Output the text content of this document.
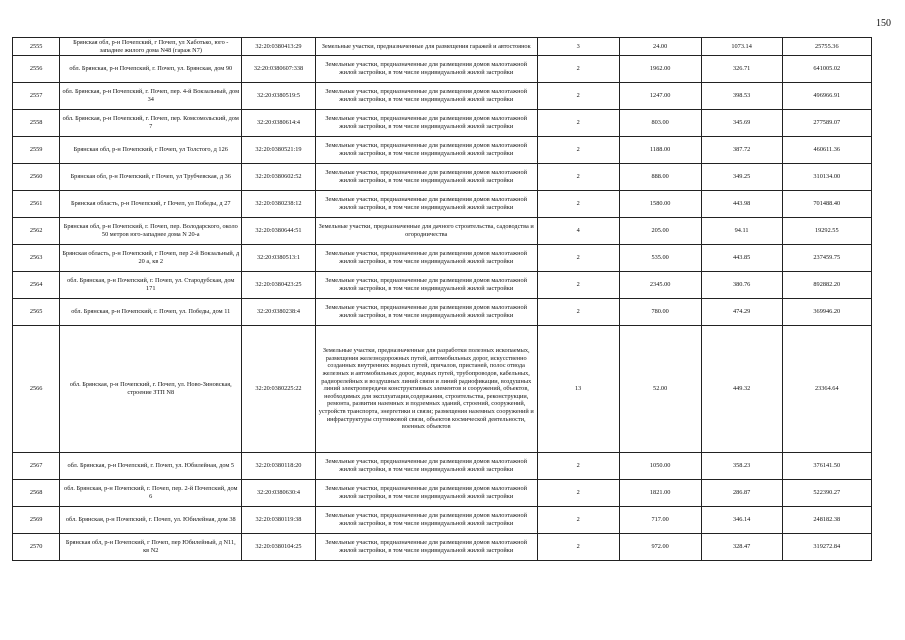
150
2555	Брянская обл, р-н Почепский, г Почеп, ул Хаботько, юго - западнее жилого дома N48 (гараж N7)	32:20:0380413:29	Земельные участки, предназначенные для размещения гаражей и автостоянок	3	24.00	1073.14	25755.36
2556	обл. Брянская, р-н Почепский, г. Почеп, ул. Брянская, дом 90	32:20:0380607:338	Земельные участки, предназначенные для размещения домов малоэтажной жилой застройки, в том числе индивидуальной жилой застройки	2	1962.00	326.71	641005.02
2557	обл. Брянская, р-н Почепский, г. Почеп, пер. 4-й Вокзальный, дом 34	32:20:0380519:5	Земельные участки, предназначенные для размещения домов малоэтажной жилой застройки, в том числе индивидуальной жилой застройки	2	1247.00	398.53	496966.91
2558	обл. Брянская, р-н Почепский, г. Почеп, пер. Комсомольский, дом 7	32:20:0380614:4	Земельные участки, предназначенные для размещения домов малоэтажной жилой застройки, в том числе индивидуальной жилой застройки	2	803.00	345.69	277589.07
2559	Брянская обл, р-н Почепский, г Почеп, ул Толстого, д 126	32:20:0380521:19	Земельные участки, предназначенные для размещения домов малоэтажной жилой застройки, в том числе индивидуальной жилой застройки	2	1188.00	387.72	460611.36
2560	Брянская обл, р-н Почепский, г Почеп, ул Трубчевская, д 36	32:20:0380602:52	Земельные участки, предназначенные для размещения домов малоэтажной жилой застройки, в том числе индивидуальной жилой застройки	2	888.00	349.25	310134.00
2561	Брянская область, р-н Почепский, г Почеп, ул Победы, д 27	32:20:0380238:12	Земельные участки, предназначенные для размещения домов малоэтажной жилой застройки, в том числе индивидуальной жилой застройки	2	1580.00	443.98	701488.40
2562	Брянская обл, р-н Почепский, г. Почеп, пер. Володарского, около 50 метров юго-западнее дома N 20-а	32:20:0380644:51	Земельные участки, предназначенные для дачного строительства, садоводства и огородничества	4	205.00	94.11	19292.55
2563	Брянская область, р-н Почепский, г Почеп, пер 2-й Вокзальный, д 20 а, кв 2	32:20:0380513:1	Земельные участки, предназначенные для размещения домов малоэтажной жилой застройки, в том числе индивидуальной жилой застройки	2	535.00	443.85	237459.75
2564	обл. Брянская, р-н Почепский, г. Почеп, ул. Стародубская, дом 171	32:20:0380423:25	Земельные участки, предназначенные для размещения домов малоэтажной жилой застройки, в том числе индивидуальной жилой застройки	2	2345.00	380.76	892882.20
2565	обл. Брянская, р-н Почепский, г. Почеп, ул. Победы, дом 11	32:20:0380238:4	Земельные участки, предназначенные для размещения домов малоэтажной жилой застройки, в том числе индивидуальной жилой застройки	2	780.00	474.29	369946.20
2566	обл. Брянская, р-н Почепский, г. Почеп, ул. Ново-Зиновская, строение ЗТП N8	32:20:0380225:22	Земельные участки, предназначенные для разработки полезных ископаемых, размещения железнодорожных путей, автомобильных дорог, искусственно созданных внутренних водных путей, причалов, пристаней, полос отвода железных и автомобильных дорог, водных путей, трубопроводов, кабельных, радиорелейных и воздушных линий связи и линий радиофикации, воздушных линий электропередачи конструктивных элементов и сооружений, объектов, необходимых для эксплуатации,содержания, строительства, реконструкции, ремонта, развития наземных и подземных зданий, строений, сооружений, устройств транспорта, энергетики и связи; размещения наземных сооружений и инфраструктуры спутниковой связи, объектов космической деятельности, военных объектов	13	52.00	449.32	23364.64
2567	обл. Брянская, р-н Почепский, г. Почеп, ул. Юбилейная, дом 5	32:20:0380118:20	Земельные участки, предназначенные для размещения домов малоэтажной жилой застройки, в том числе индивидуальной жилой застройки	2	1050.00	358.23	376141.50
2568	обл. Брянская, р-н Почепский, г. Почеп, пер. 2-й Почепский, дом 6	32:20:0380630:4	Земельные участки, предназначенные для размещения домов малоэтажной жилой застройки, в том числе индивидуальной жилой застройки	2	1821.00	286.87	522390.27
2569	обл. Брянская, р-н Почепский, г. Почеп, ул. Юбилейная, дом 38	32:20:0380119:38	Земельные участки, предназначенные для размещения домов малоэтажной жилой застройки, в том числе индивидуальной жилой застройки	2	717.00	346.14	248182.38
2570	Брянская обл, р-н Почепский, г Почеп, пер Юбилейный, д N11, кв N2	32:20:0380104:25	Земельные участки, предназначенные для размещения домов малоэтажной жилой застройки, в том числе индивидуальной жилой застройки	2	972.00	328.47	319272.84
